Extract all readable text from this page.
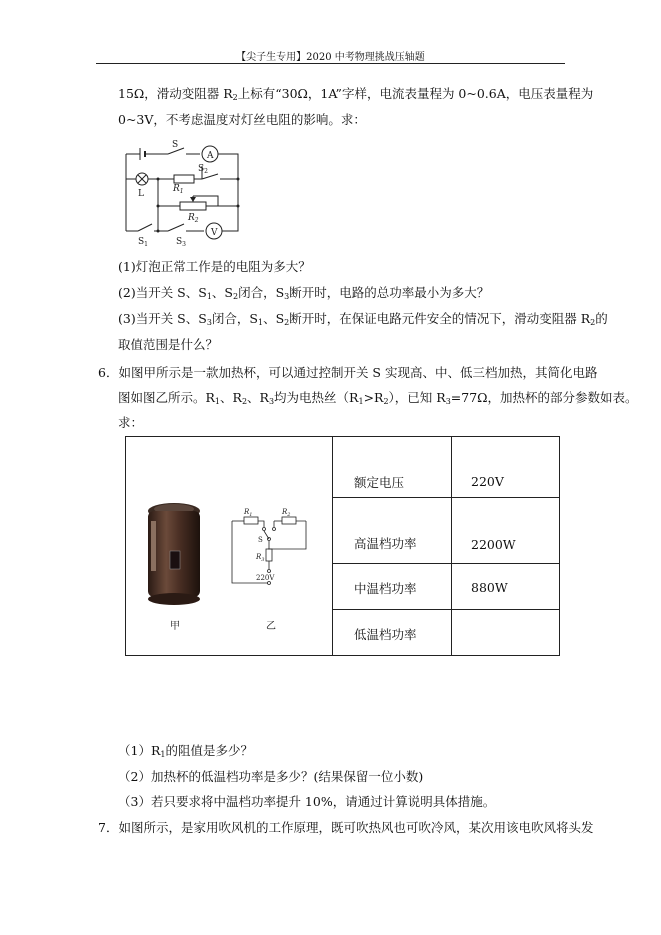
【尖子生专用】2020 中考物理挑战压轴题
15Ω，滑动变阻器 $R_2$上标有“30Ω，1A”字样，电流表量程为 0~0.6A，电压表量程为
0~3V，不考虑温度对灯丝电阻的影响。求：
S
A
$S_2$
L	$R_1$
$R_2$
$S_1$	$S_3$
V
(1)灯泡正常工作是的电阻为多大？
(2)当开关 S、$S_1$、$S_2$闭合，$S_3$断开时，电路的总功率最小为多大？
(3)当开关 S、$S_3$闭合，$S_1$、$S_2$断开时，在保证电路元件安全的情况下，滑动变阻器 $R_2$的
取值范围是什么？
6．如图甲所示是一款加热杯，可以通过控制开关 S 实现高、中、低三档加热，其简化电路
图如图乙所示。$R_1$、$R_2$、$R_3$均为电热丝$(R_1>R_2)$，已知 $R_3=77\Omega$，加热杯的部分参数如表。
求：
甲
$R_1$	$R_2$
S
$R_3$
220V
乙
额定电压	220V
高温档功率	2200W
中温档功率	880W
低温档功率
$(1)R_1$的阻值是多少？
（2）加热杯的低温档功率是多少？(结果保留一位小数)
（3）若只要求将中温档功率提升 10%，请通过计算说明具体措施。
7．如图所示，是家用吹风机的工作原理，既可吹热风也可吹冷风，某次用该电吹风将头发
